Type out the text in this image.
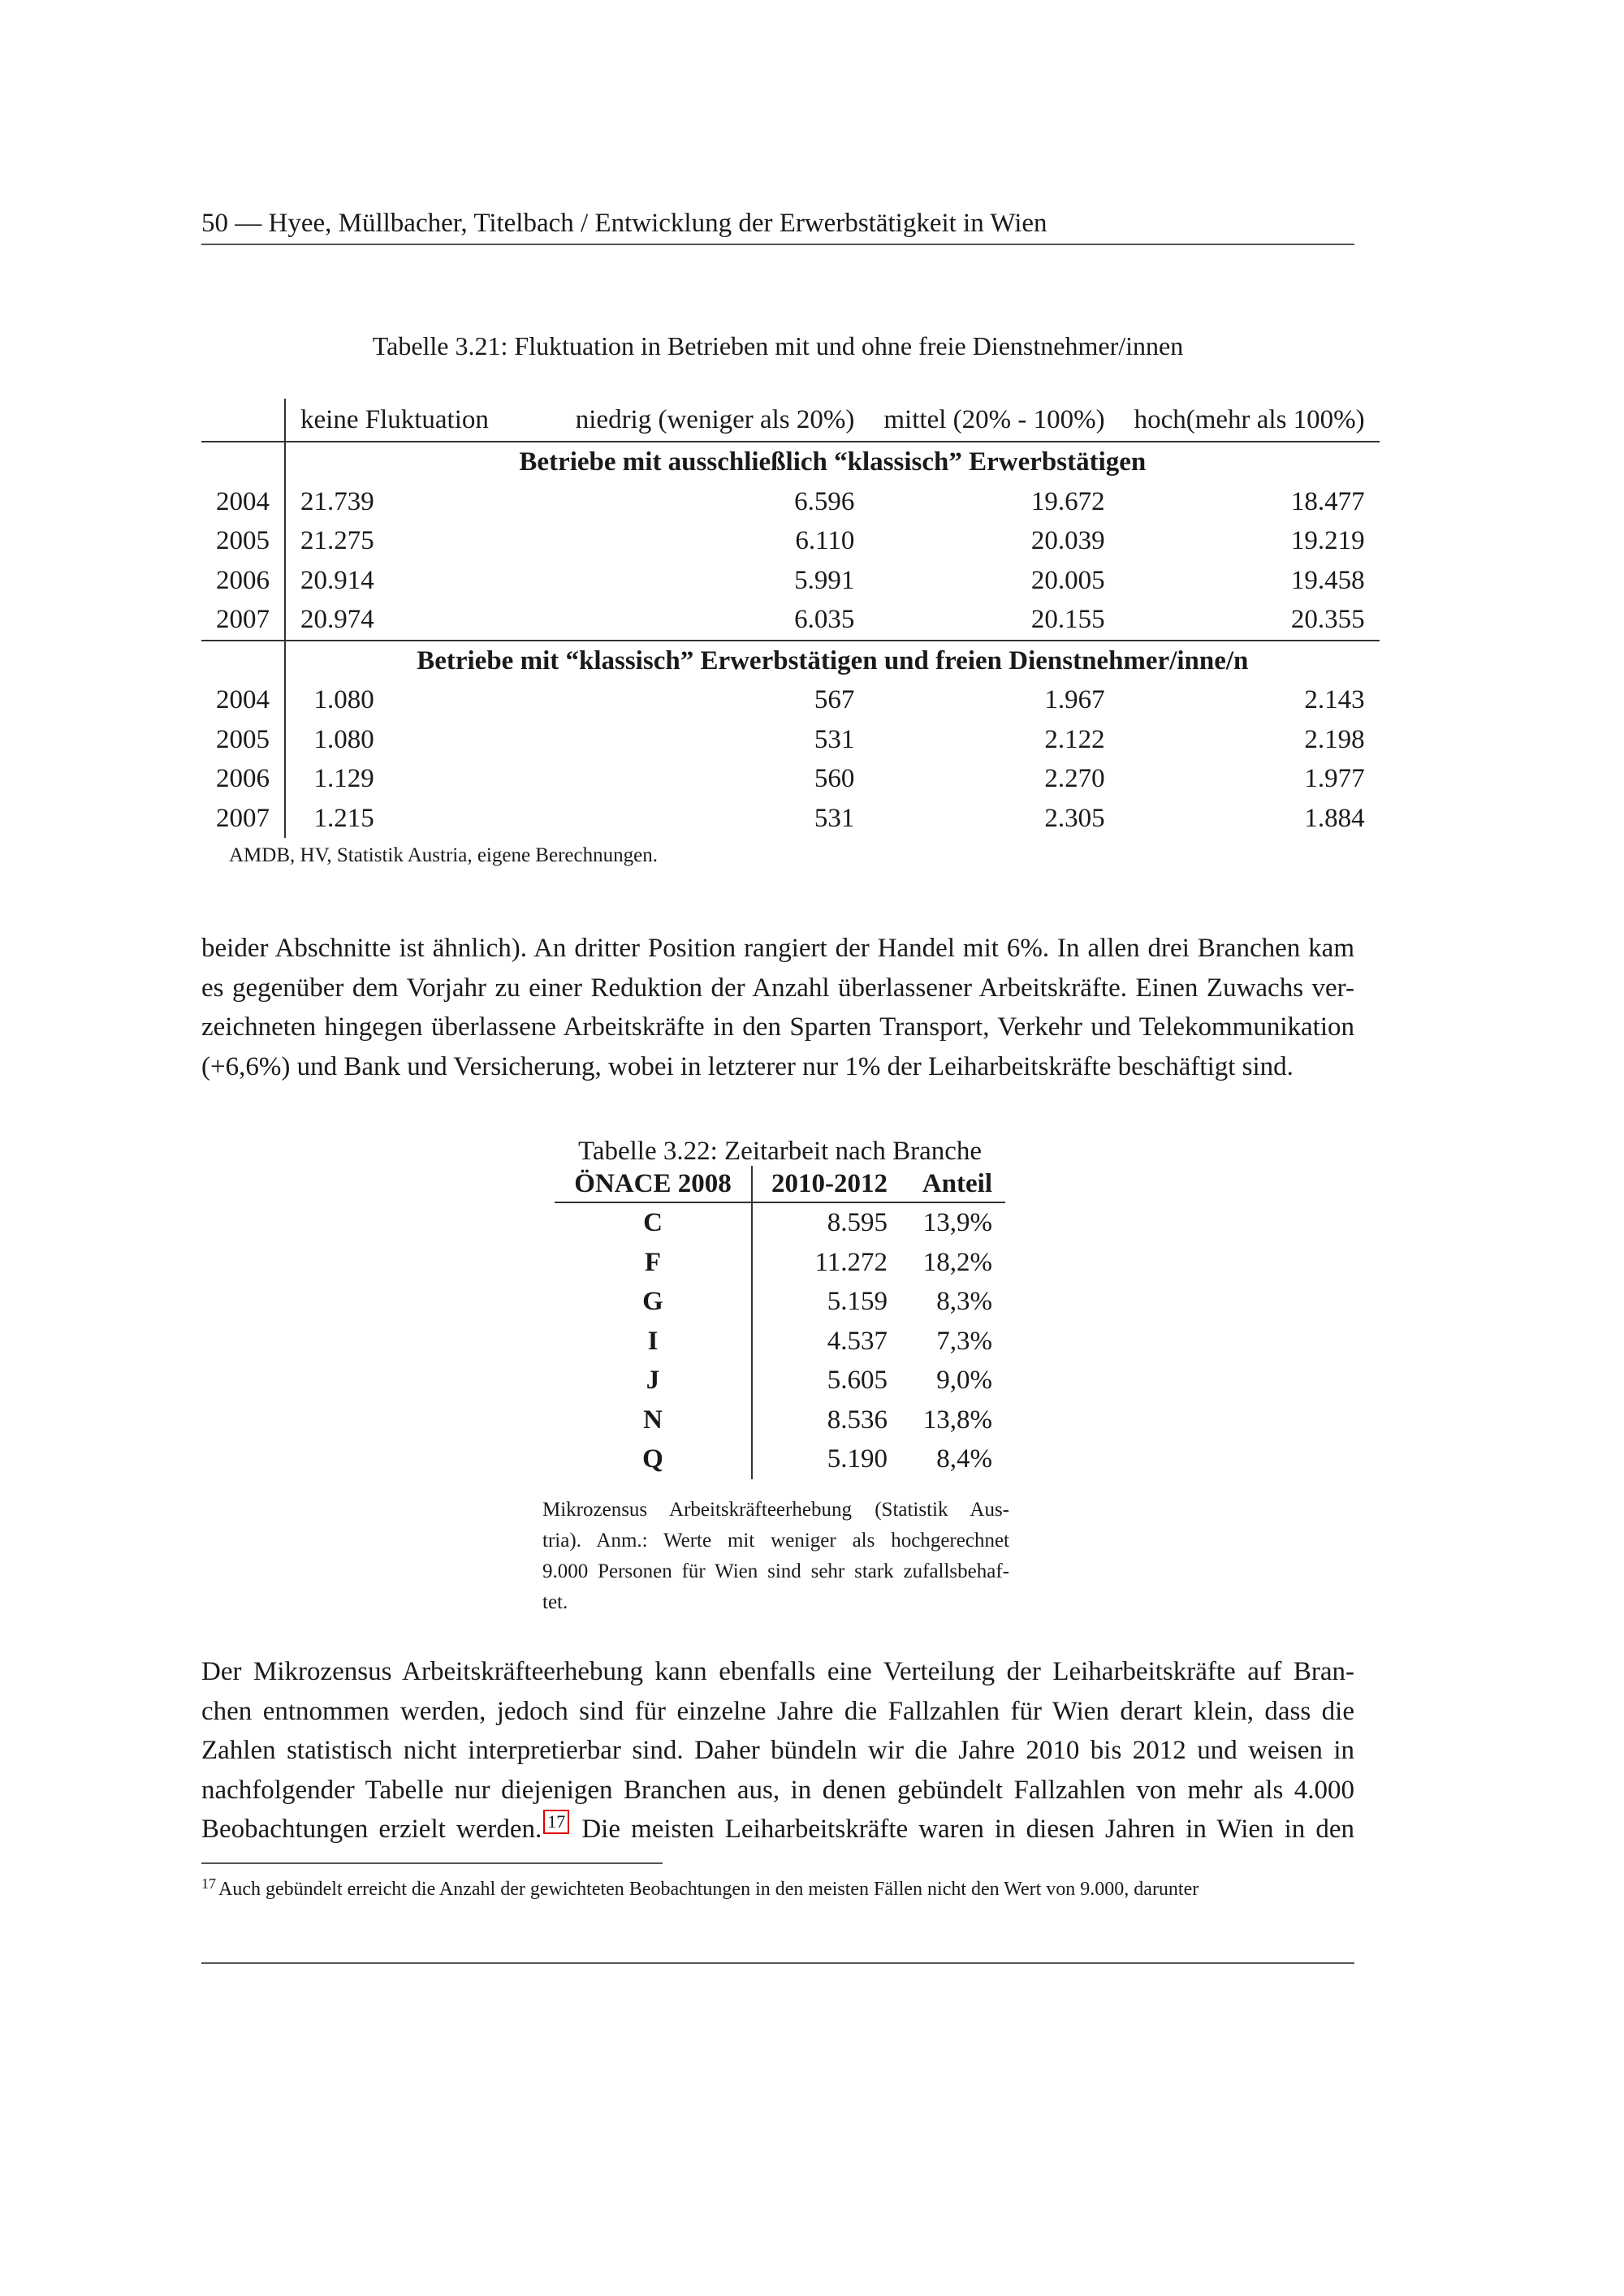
50 — Hyee, Müllbacher, Titelbach / Entwicklung der Erwerbstätigkeit in Wien
Tabelle 3.21: Fluktuation in Betrieben mit und ohne freie Dienstnehmer/innen
	keine Fluktuation	niedrig (weniger als 20%)	mittel (20% - 100%)	hoch(mehr als 100%)
	Betriebe mit ausschließlich “klassisch” Erwerbstätigen			
2004	21.739	6.596	19.672	18.477
2005	21.275	6.110	20.039	19.219
2006	20.914	5.991	20.005	19.458
2007	20.974	6.035	20.155	20.355
	Betriebe mit “klassisch” Erwerbstätigen und freien Dienstnehmer/inne/n			
2004	1.080	567	1.967	2.143
2005	1.080	531	2.122	2.198
2006	1.129	560	2.270	1.977
2007	1.215	531	2.305	1.884
AMDB, HV, Statistik Austria, eigene Berechnungen.
beider Abschnitte ist ähnlich). An dritter Position rangiert der Handel mit 6%. In allen drei Branchen kam
es gegenüber dem Vorjahr zu einer Reduktion der Anzahl überlassener Arbeitskräfte. Einen Zuwachs ver-
zeichneten hingegen überlassene Arbeitskräfte in den Sparten Transport, Verkehr und Telekommunikation
(+6,6%) und Bank und Versicherung, wobei in letzterer nur 1% der Leiharbeitskräfte beschäftigt sind.
Tabelle 3.22: Zeitarbeit nach Branche
ÖNACE 2008	2010-2012	Anteil
C	8.595	13,9%
F	11.272	18,2%
G	5.159	8,3%
I	4.537	7,3%
J	5.605	9,0%
N	8.536	13,8%
Q	5.190	8,4%
Mikrozensus Arbeitskräfteerhebung (Statistik Aus-
tria). Anm.: Werte mit weniger als hochgerechnet
9.000 Personen für Wien sind sehr stark zufallsbehaf-
tet.
Der Mikrozensus Arbeitskräfteerhebung kann ebenfalls eine Verteilung der Leiharbeitskräfte auf Bran-
chen entnommen werden, jedoch sind für einzelne Jahre die Fallzahlen für Wien derart klein, dass die
Zahlen statistisch nicht interpretierbar sind. Daher bündeln wir die Jahre 2010 bis 2012 und weisen in
nachfolgender Tabelle nur diejenigen Branchen aus, in denen gebündelt Fallzahlen von mehr als 4.000
Beobachtungen erzielt werden. 17 Die meisten Leiharbeitskräfte waren in diesen Jahren in Wien in den
$^{17}$ Auch gebündelt erreicht die Anzahl der gewichteten Beobachtungen in den meisten Fällen nicht den Wert von 9.000, darunter
